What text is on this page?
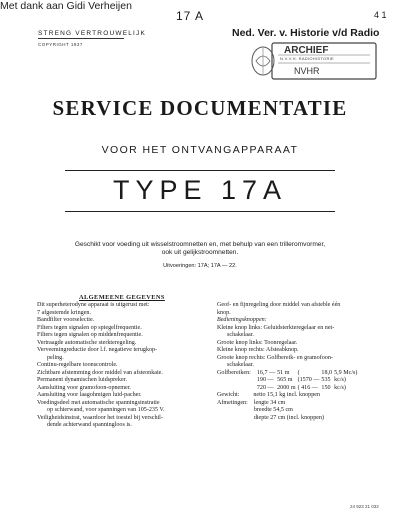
Met dank aan Gidi Verheijen
17 A	4 1
Ned. Ver. v. Historie v/d Radio
STRENG VERTROUWELIJK
COPYRIGHT 1937
ARCHIEF
N.V.V.H. RADIOHISTORIE
NVHR
SERVICE DOCUMENTATIE
VOOR HET ONTVANGAPPARAAT
TYPE 17A
Geschikt voor voeding uit wisselstroomnetten en, met behulp van een trilleromvormer,
ook uit gelijkstroomnetten.
Uitvoeringen: 17A; 17A — 22.
ALGEMEENE GEGEVENS
Dit superheterodyne apparaat is uitgerust met:
7 afgestemde kringen.
Bandfilter voorselectie.
Filters tegen signalen op spiegelfrequentie.
Filters tegen signalen op middenfrequentie.
Vertraagde automatische sterkteregeling.
Verveemingreductie door l.f. negatieve terugkop-
peling.
Continu-regelbare toonscontrole.
Zichtbare afstemming door middel van afsteonkaie.
Permanent dynamischen luidspreker.
Aansluiting voor gramofoon-opnemer.
Aansluiting voor laagohmigen luid-pacher.
Voedingsdeel met automatische spanningsinstratie
op schierwand, voor spanningen van 105-235 V.
Veiligheidsinstrat, waardoor het toestel bij verschil-
dende achterwand spanningloos is.
Geof- en fijnregeling door middel van afsteble één
knop.
Bedieningsknoppen:
Kleine knop links: Geluidsterkteregelaar en net-
schakelaar.
Groote knop links: Toonregelaar.
Kleine knop rechts: Afsteabknop.
Groote knop rechts: Golfbereik- en gramofoon-
schakelaar.
Golfbereiken:	16,7 —	51 m	(	18,0	5,9 Mc/s)
	190 —	565 m	(1570 —	535	kc/s)
	720 —	2000 m	( 416 —	150	kc/s)
Gewicht:	netto 15,1 kg incl. knoppen
Afmetingen:	lengte 34 cm
	breedte 54,5 cm
	diepte 27 cm (incl. knoppen)
24 923 21 032
